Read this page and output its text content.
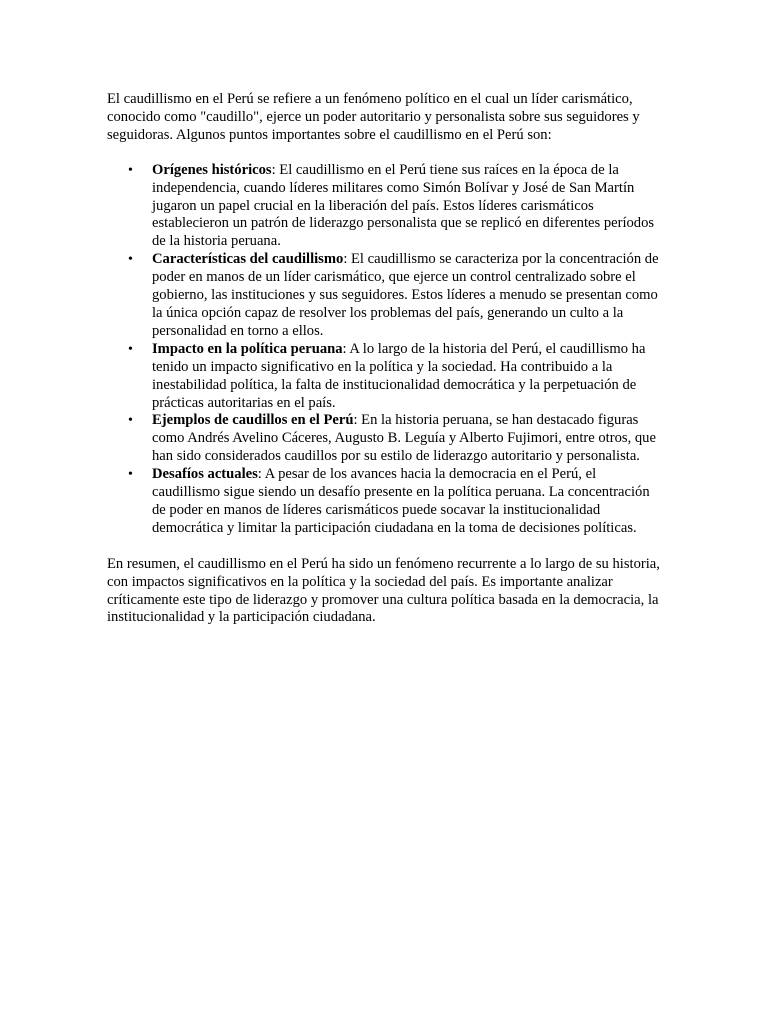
El caudillismo en el Perú se refiere a un fenómeno político en el cual un líder carismático, conocido como "caudillo", ejerce un poder autoritario y personalista sobre sus seguidores y seguidoras. Algunos puntos importantes sobre el caudillismo en el Perú son:

• Orígenes históricos: El caudillismo en el Perú tiene sus raíces en la época de la independencia, cuando líderes militares como Simón Bolívar y José de San Martín jugaron un papel crucial en la liberación del país. Estos líderes carismáticos establecieron un patrón de liderazgo personalista que se replicó en diferentes períodos de la historia peruana.
• Características del caudillismo: El caudillismo se caracteriza por la concentración de poder en manos de un líder carismático, que ejerce un control centralizado sobre el gobierno, las instituciones y sus seguidores. Estos líderes a menudo se presentan como la única opción capaz de resolver los problemas del país, generando un culto a la personalidad en torno a ellos.
• Impacto en la política peruana: A lo largo de la historia del Perú, el caudillismo ha tenido un impacto significativo en la política y la sociedad. Ha contribuido a la inestabilidad política, la falta de institucionalidad democrática y la perpetuación de prácticas autoritarias en el país.
• Ejemplos de caudillos en el Perú: En la historia peruana, se han destacado figuras como Andrés Avelino Cáceres, Augusto B. Leguía y Alberto Fujimori, entre otros, que han sido considerados caudillos por su estilo de liderazgo autoritario y personalista.
• Desafíos actuales: A pesar de los avances hacia la democracia en el Perú, el caudillismo sigue siendo un desafío presente en la política peruana. La concentración de poder en manos de líderes carismáticos puede socavar la institucionalidad democrática y limitar la participación ciudadana en la toma de decisiones políticas.

En resumen, el caudillismo en el Perú ha sido un fenómeno recurrente a lo largo de su historia, con impactos significativos en la política y la sociedad del país. Es importante analizar críticamente este tipo de liderazgo y promover una cultura política basada en la democracia, la institucionalidad y la participación ciudadana.
